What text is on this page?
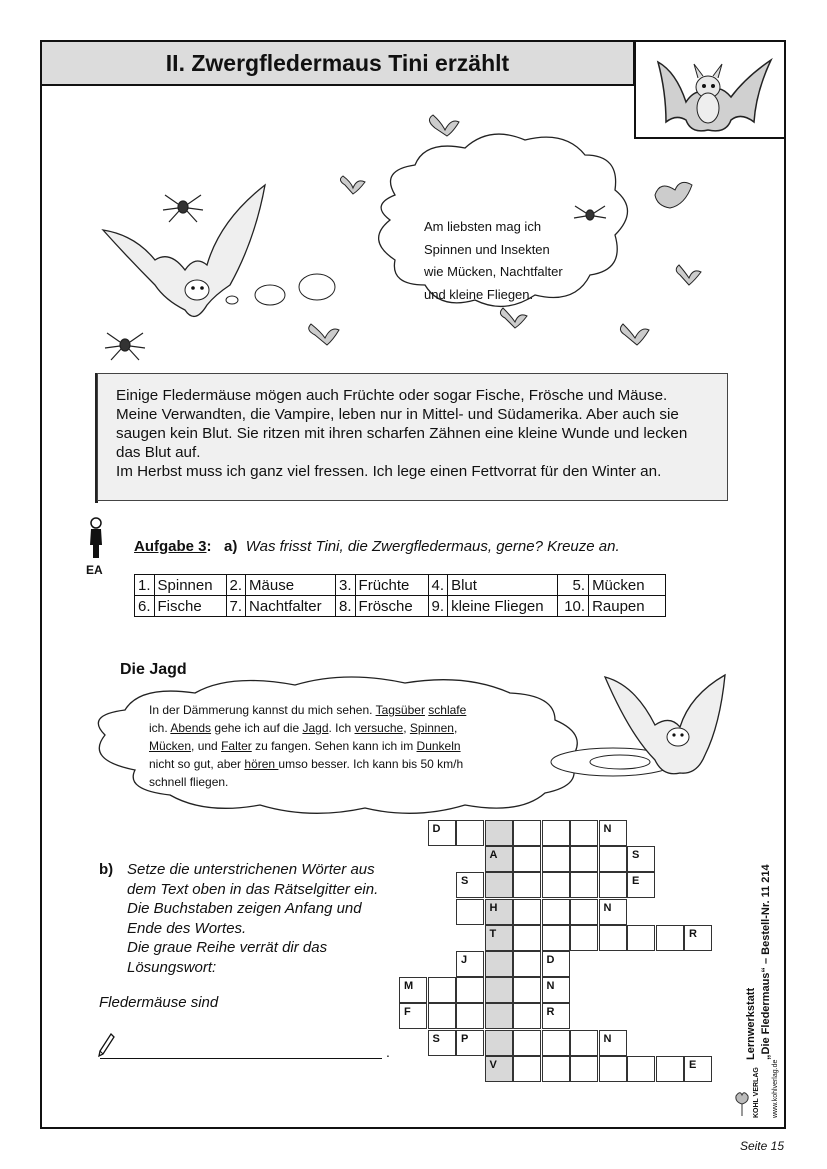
II. Zwergfledermaus Tini erzählt
Am liebsten mag ich
Spinnen und Insekten
wie Mücken, Nachtfalter
und kleine Fliegen.

Einige Fledermäuse mögen auch Früchte oder sogar Fische, Frösche und Mäuse.

Meine Verwandten, die Vampire, leben nur in Mittel- und Südamerika. Aber auch sie

saugen kein Blut. Sie ritzen mit ihren scharfen Zähnen eine kleine Wunde und lecken

das Blut auf.

Im Herbst muss ich ganz viel fressen. Ich lege einen Fettvorrat für den Winter an.

EA
Aufgabe 3: a) Was frisst Tini, die Zwergfledermaus, gerne? Kreuze an.
1.	Spinnen	2.	Mäuse	3.	Früchte	4.	Blut	5.	Mücken
6.	Fische	7.	Nachtfalter	8.	Frösche	9.	kleine Fliegen	10.	Raupen
Die Jagd
In der Dämmerung kannst du mich sehen. Tagsüber schlafe
ich. Abends gehe ich auf die Jagd. Ich versuche, Spinnen,
Mücken, und Falter zu fangen. Sehen kann ich im Dunkeln
nicht so gut, aber hören umso besser. Ich kann bis 50 km/h
schnell fliegen.
b) Setze die unterstrichenen Wörter aus
dem Text oben in das Rätselgitter ein.
Die Buchstaben zeigen Anfang und
Ende des Wortes.
Die graue Reihe verrät dir das
Lösungswort:
Fledermäuse sind
.
D	N
A	S
S	E
H	N
T	R
J	D
M	N
F	R
S	P	N
V	E
Lernwerkstatt „Die Fledermaus“ – Bestell-Nr. 11 214
KOHL VERLAG www.kohlverlag.de
Seite 15
